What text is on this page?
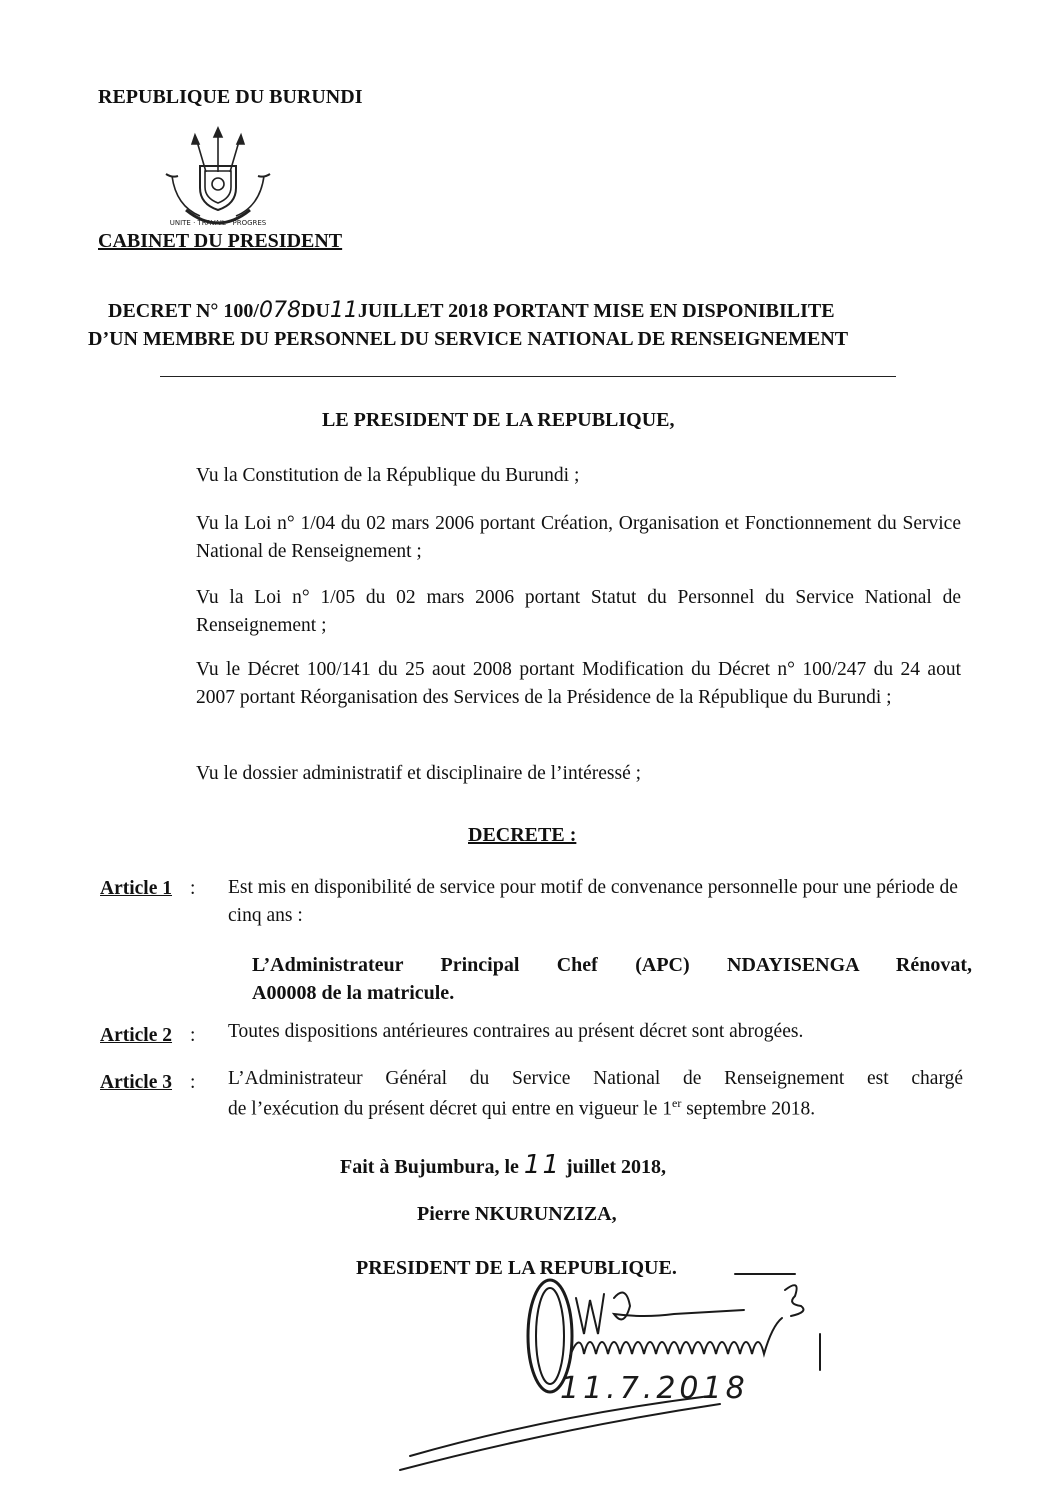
REPUBLIQUE DU BURUNDI
UNITE · TRAVAIL · PROGRES
CABINET DU PRESIDENT
DECRET N° 100/078DU11JUILLET 2018 PORTANT MISE EN DISPONIBILITE
D’UN MEMBRE DU PERSONNEL DU SERVICE NATIONAL DE RENSEIGNEMENT
LE PRESIDENT DE LA REPUBLIQUE,
Vu la Constitution de la République du Burundi ;
Vu la Loi n° 1/04 du 02 mars 2006 portant Création, Organisation et Fonctionnement du Service National de Renseignement ;
Vu la Loi n° 1/05 du 02 mars 2006 portant Statut du Personnel du Service National de Renseignement ;
Vu le Décret 100/141 du 25 aout 2008 portant Modification du Décret n° 100/247 du 24 aout 2007 portant Réorganisation des Services de la Présidence de la République du Burundi ;
Vu le dossier administratif et disciplinaire de l’intéressé ;
DECRETE :
Article 1 : Est mis en disponibilité de service pour motif de convenance personnelle pour une période de cinq ans :
L’Administrateur Principal Chef (APC) NDAYISENGA Rénovat,
A00008 de la matricule.
Article 2 : Toutes dispositions antérieures contraires au présent décret sont abrogées.
Article 3 : L’Administrateur Général du Service National de Renseignement est chargé
de l’exécution du présent décret qui entre en vigueur le 1er septembre 2018.
Fait à Bujumbura, le 11 juillet 2018,
Pierre NKURUNZIZA,
PRESIDENT DE LA REPUBLIQUE.
11.7.2018
